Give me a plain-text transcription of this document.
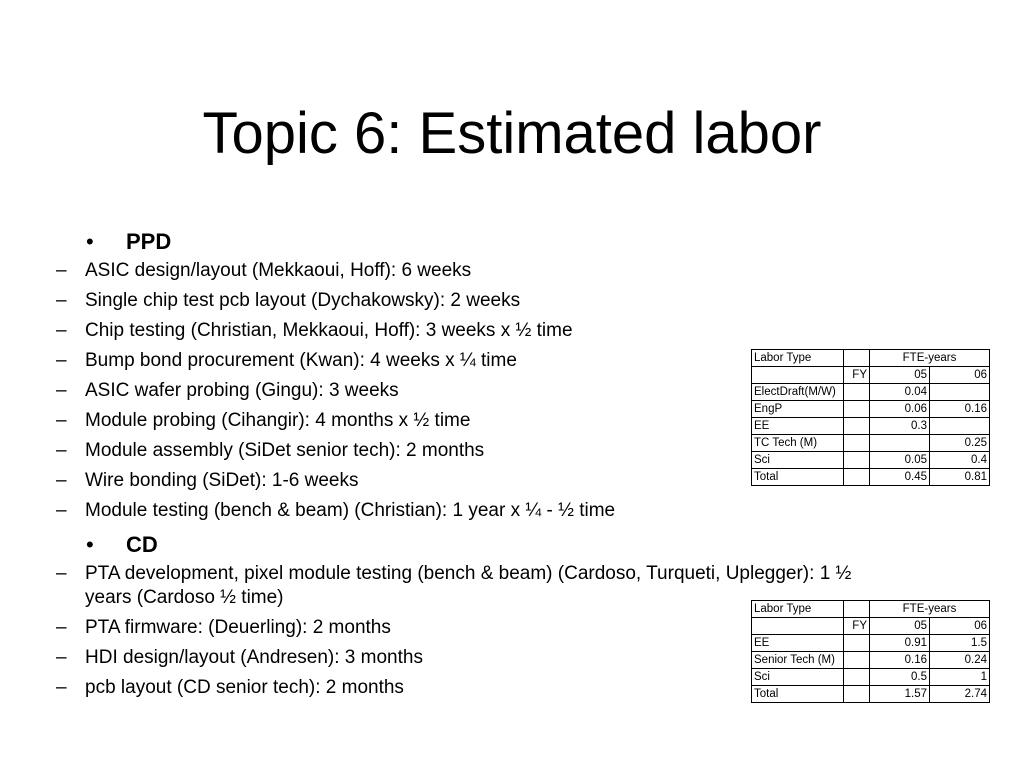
Topic 6: Estimated labor
• PPD
– ASIC design/layout (Mekkaoui, Hoff): 6 weeks
– Single chip test pcb layout (Dychakowsky): 2 weeks
– Chip testing (Christian, Mekkaoui, Hoff): 3 weeks x ½ time
– Bump bond procurement (Kwan): 4 weeks x ¼ time
– ASIC wafer probing (Gingu): 3 weeks
– Module probing (Cihangir): 4 months x ½ time
– Module assembly (SiDet senior tech): 2 months
– Wire bonding (SiDet): 1-6 weeks
– Module testing (bench & beam) (Christian): 1 year x ¼ - ½ time
• CD
– PTA development, pixel module testing (bench & beam) (Cardoso, Turqueti, Uplegger): 1 ½ years (Cardoso ½ time)
– PTA firmware: (Deuerling): 2 months
– HDI design/layout (Andresen): 3 months
– pcb layout (CD senior tech): 2 months
Labor Type		FTE-years	
	FY	05	06
ElectDraft(M/W)		0.04	
EngP		0.06	0.16
EE		0.3	
TC Tech (M)			0.25
Sci		0.05	0.4
Total		0.45	0.81
Labor Type		FTE-years	
	FY	05	06
EE		0.91	1.5
Senior Tech (M)		0.16	0.24
Sci		0.5	1
Total		1.57	2.74
